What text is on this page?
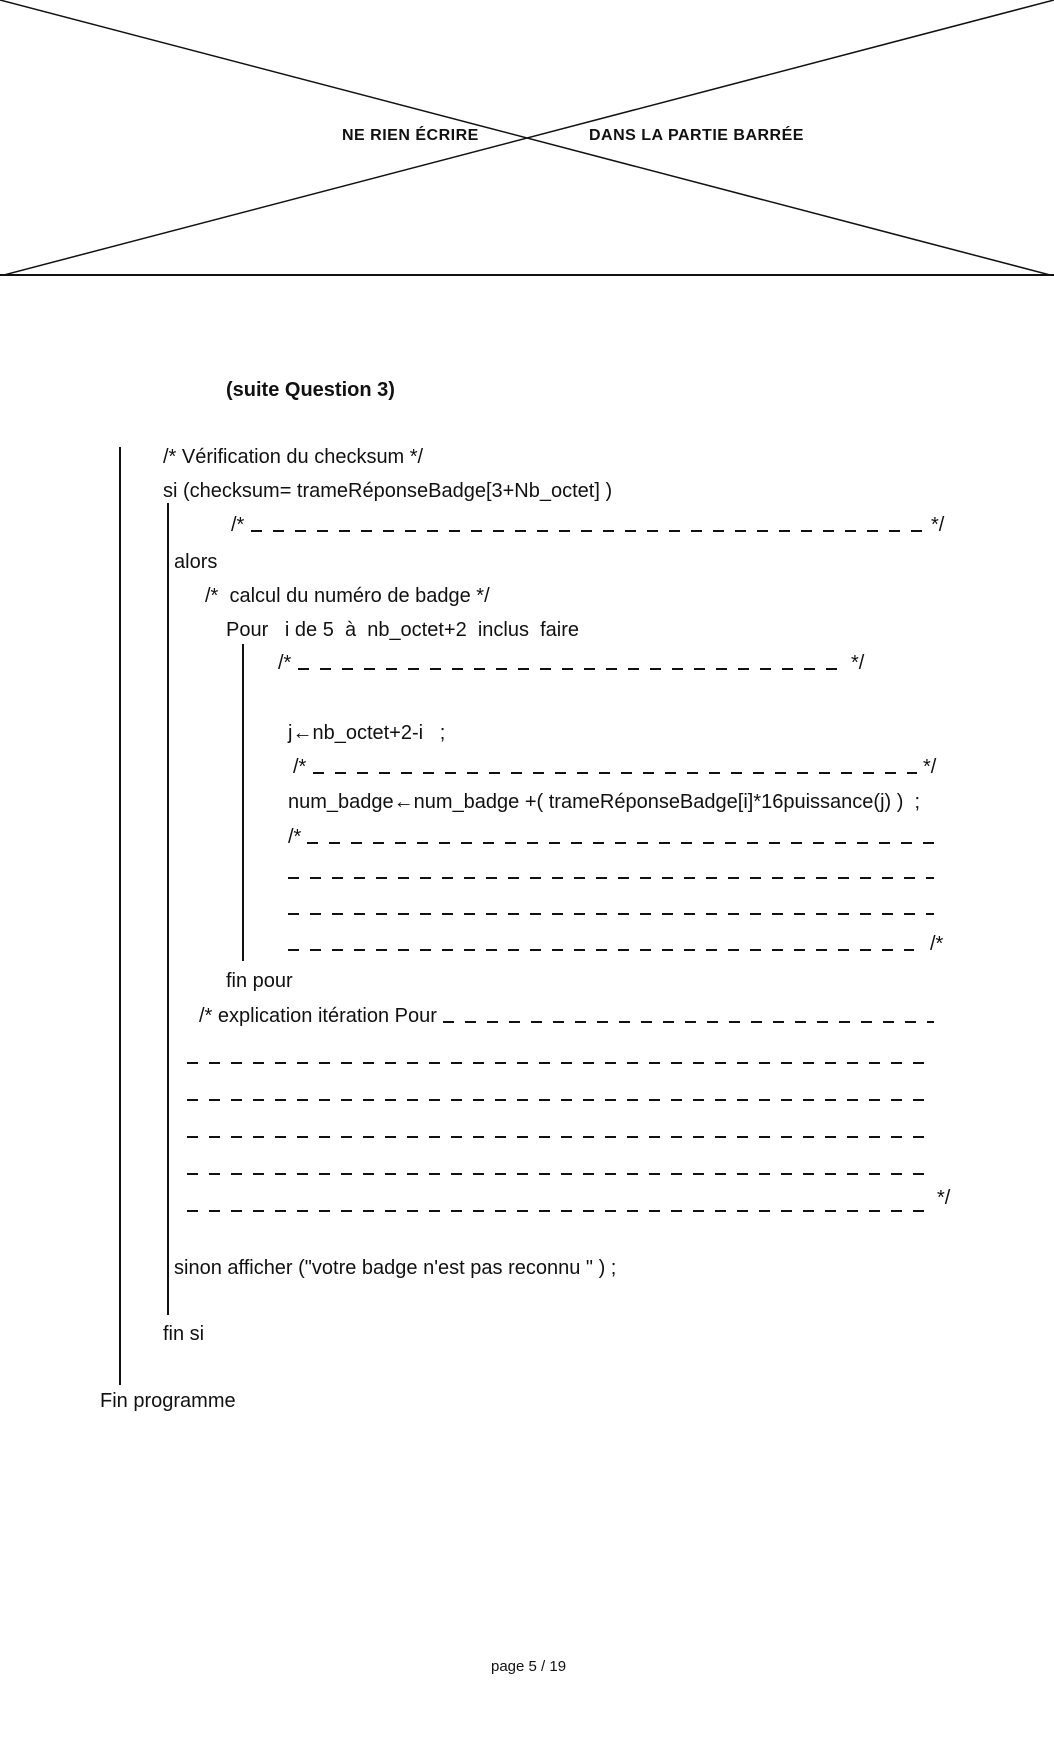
NE RIEN ÉCRIRE	DANS LA PARTIE BARRÉE
(suite Question 3)
/* Vérification du checksum */
si (checksum= trameRéponseBadge[3+Nb_octet] )
/*	*/
alors
/*  calcul du numéro de badge */
Pour   i de 5  à  nb_octet+2  inclus  faire
/*	*/
j←nb_octet+2-i   ;
/*	*/
num_badge←num_badge +( trameRéponseBadge[i]*16puissance(j) )  ;
/*
/*
fin pour
/* explication itération Pour
*/
sinon afficher ("votre badge n'est pas reconnu " ) ;
fin si
Fin programme
page 5 / 19
